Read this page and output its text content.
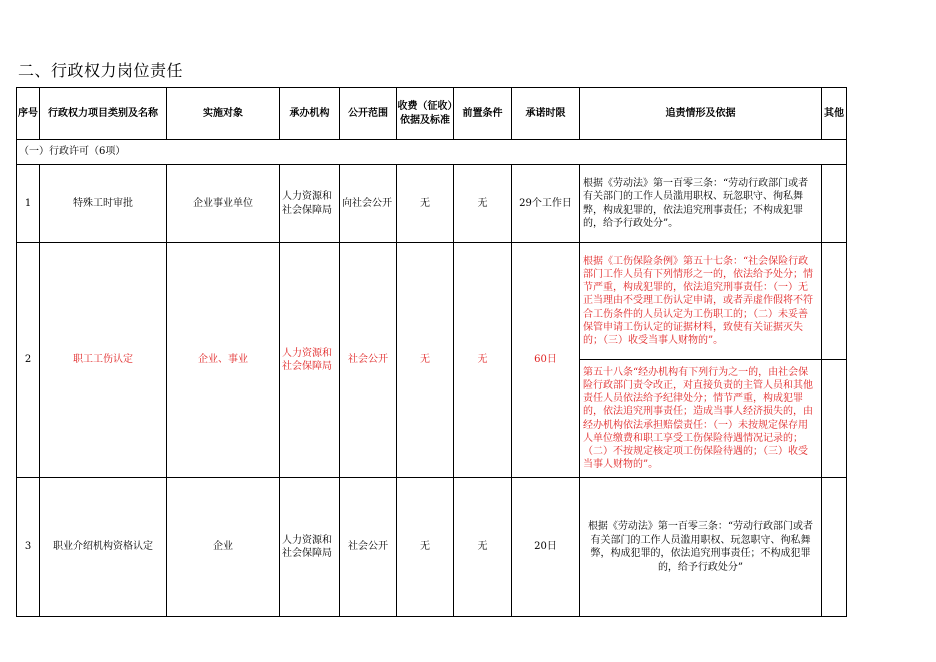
二、行政权力岗位责任
序号	行政权力项目类别及名称	实施对象	承办机构	公开范围	收费（征收）依据及标准	前置条件	承诺时限	追责情形及依据	其他
（一）行政许可（6项）									
1	特殊工时审批	企业事业单位	人力资源和社会保障局	向社会公开	无	无	29个工作日	根据《劳动法》第一百零三条：“劳动行政部门或者有关部门的工作人员滥用职权、玩忽职守、徇私舞弊，构成犯罪的，依法追究刑事责任；不构成犯罪的，给予行政处分”。	
2	职工工伤认定	企业、事业	人力资源和社会保障局	社会公开	无	无	60日	根据《工伤保险条例》第五十七条：“社会保险行政部门工作人员有下列情形之一的，依法给予处分；情节严重，构成犯罪的，依法追究刑事责任：（一）无正当理由不受理工伤认定申请，或者弄虚作假将不符合工伤条件的人员认定为工伤职工的；（二）未妥善保管申请工伤认定的证据材料，致使有关证据灭失的；（三）收受当事人财物的”。	
								第五十八条“经办机构有下列行为之一的，由社会保险行政部门责令改正，对直接负责的主管人员和其他责任人员依法给予纪律处分；情节严重，构成犯罪的，依法追究刑事责任；造成当事人经济损失的，由经办机构依法承担赔偿责任：（一）未按规定保存用人单位缴费和职工享受工伤保险待遇情况记录的；（二）不按规定核定项工伤保险待遇的；（三）收受当事人财物的”。	
3	职业介绍机构资格认定	企业	人力资源和社会保障局	社会公开	无	无	20日	根据《劳动法》第一百零三条：“劳动行政部门或者有关部门的工作人员滥用职权、玩忽职守、徇私舞弊，构成犯罪的，依法追究刑事责任；不构成犯罪的，给予行政处分”	
